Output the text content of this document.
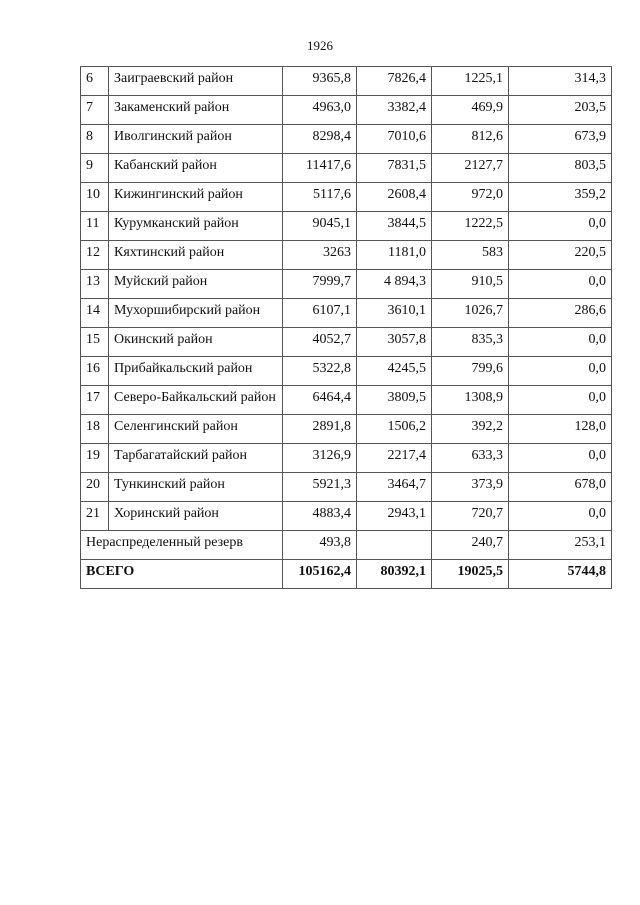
1926
6	Заиграевский район	9365,8	7826,4	1225,1	314,3
7	Закаменский район	4963,0	3382,4	469,9	203,5
8	Иволгинский район	8298,4	7010,6	812,6	673,9
9	Кабанский район	11417,6	7831,5	2127,7	803,5
10	Кижингинский район	5117,6	2608,4	972,0	359,2
11	Курумканский район	9045,1	3844,5	1222,5	0,0
12	Кяхтинский район	3263	1181,0	583	220,5
13	Муйский район	7999,7	4 894,3	910,5	0,0
14	Мухоршибирский район	6107,1	3610,1	1026,7	286,6
15	Окинский район	4052,7	3057,8	835,3	0,0
16	Прибайкальский район	5322,8	4245,5	799,6	0,0
17	Северо-Байкальский район	6464,4	3809,5	1308,9	0,0
18	Селенгинский район	2891,8	1506,2	392,2	128,0
19	Тарбагатайский район	3126,9	2217,4	633,3	0,0
20	Тункинский район	5921,3	3464,7	373,9	678,0
21	Хоринский район	4883,4	2943,1	720,7	0,0
Нераспределенный резерв		493,8		240,7	253,1
ВСЕГО		105162,4	80392,1	19025,5	5744,8
